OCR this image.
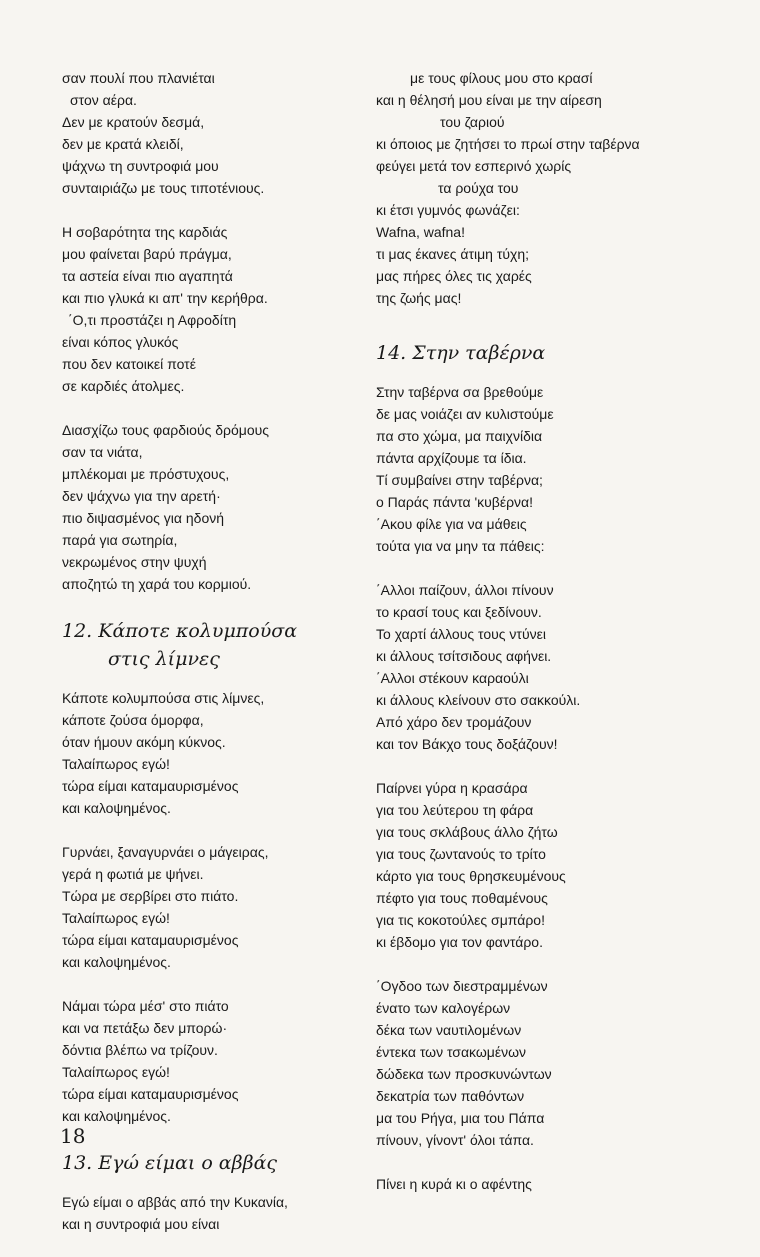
σαν πουλί που πλανιέται
στον αέρα.
Δεν με κρατούν δεσμά,
δεν με κρατά κλειδί,
ψάχνω τη συντροφιά μου
συνταιριάζω με τους τιποτένιους.
Η σοβαρότητα της καρδιάς
μου φαίνεται βαρύ πράγμα,
τα αστεία είναι πιο αγαπητά
και πιο γλυκά κι απ' την κερήθρα.
΄Ο,τι προστάζει η Αφροδίτη
είναι κόπος γλυκός
που δεν κατοικεί ποτέ
σε καρδιές άτολμες.
Διασχίζω τους φαρδιούς δρόμους
σαν τα νιάτα,
μπλέκομαι με πρόστυχους,
δεν ψάχνω για την αρετή·
πιο διψασμένος για ηδονή
παρά για σωτηρία,
νεκρωμένος στην ψυχή
αποζητώ τη χαρά του κορμιού.
12. Κάποτε κολυμπούσα
στις λίμνες
Κάποτε κολυμπούσα στις λίμνες,
κάποτε ζούσα όμορφα,
όταν ήμουν ακόμη κύκνος.
Ταλαίπωρος εγώ!
τώρα είμαι καταμαυρισμένος
και καλοψημένος.
Γυρνάει, ξαναγυρνάει ο μάγειρας,
γερά η φωτιά με ψήνει.
Τώρα με σερβίρει στο πιάτο.
Ταλαίπωρος εγώ!
τώρα είμαι καταμαυρισμένος
και καλοψημένος.
Νάμαι τώρα μέσ' στο πιάτο
και να πετάξω δεν μπορώ·
δόντια βλέπω να τρίζουν.
Ταλαίπωρος εγώ!
τώρα είμαι καταμαυρισμένος
και καλοψημένος.
13. Εγώ είμαι ο αββάς
Εγώ είμαι ο αββάς από την Κυκανία,
και η συντροφιά μου είναι
με τους φίλους μου στο κρασί
και η θέλησή μου είναι με την αίρεση
του ζαριού
κι όποιος με ζητήσει το πρωί στην ταβέρνα
φεύγει μετά τον εσπερινό χωρίς
τα ρούχα του
κι έτσι γυμνός φωνάζει:
Wafna, wafna!
τι μας έκανες άτιμη τύχη;
μας πήρες όλες τις χαρές
της ζωής μας!
14. Στην ταβέρνα
Στην ταβέρνα σα βρεθούμε
δε μας νοιάζει αν κυλιστούμε
πα στο χώμα, μα παιχνίδια
πάντα αρχίζουμε τα ίδια.
Τί συμβαίνει στην ταβέρνα;
ο Παράς πάντα 'κυβέρνα!
΄Ακου φίλε για να μάθεις
τούτα για να μην τα πάθεις:
΄Αλλοι παίζουν, άλλοι πίνουν
το κρασί τους και ξεδίνουν.
Το χαρτί άλλους τους ντύνει
κι άλλους τσίτσιδους αφήνει.
΄Αλλοι στέκουν καραούλι
κι άλλους κλείνουν στο σακκούλι.
Από χάρο δεν τρομάζουν
και τον Βάκχο τους δοξάζουν!
Παίρνει γύρα η κρασάρα
για του λεύτερου τη φάρα
για τους σκλάβους άλλο ζήτω
για τους ζωντανούς το τρίτο
κάρτο για τους θρησκευμένους
πέφτο για τους ποθαμένους
για τις κοκοτούλες σμπάρο!
κι έβδομο για τον φαντάρο.
΄Ογδοο των διεστραμμένων
ένατο των καλογέρων
δέκα των ναυτιλομένων
έντεκα των τσακωμένων
δώδεκα των προσκυνώντων
δεκατρία των παθόντων
μα του Ρήγα, μια του Πάπα
πίνουν, γίνοντ' όλοι τάπα.
Πίνει η κυρά κι ο αφέντης
18
